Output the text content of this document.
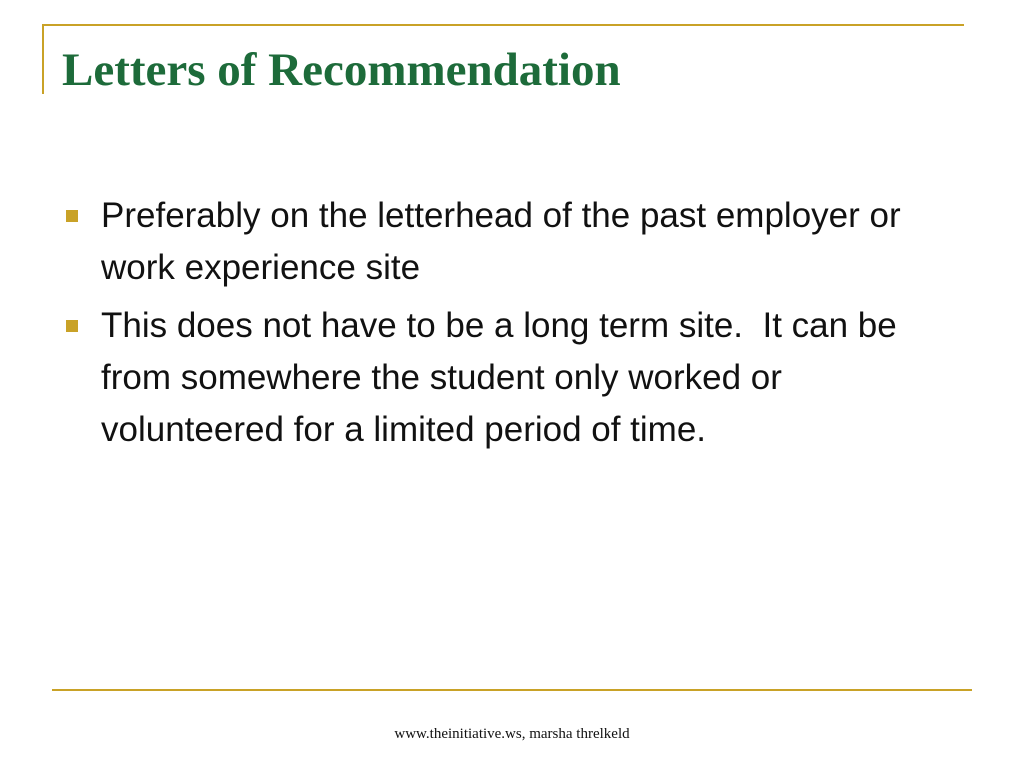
Letters of Recommendation
Preferably on the letterhead of the past employer or work experience site
This does not have to be a long term site.  It can be from somewhere the student only worked or volunteered for a limited period of time.
www.theinitiative.ws, marsha threlkeld
